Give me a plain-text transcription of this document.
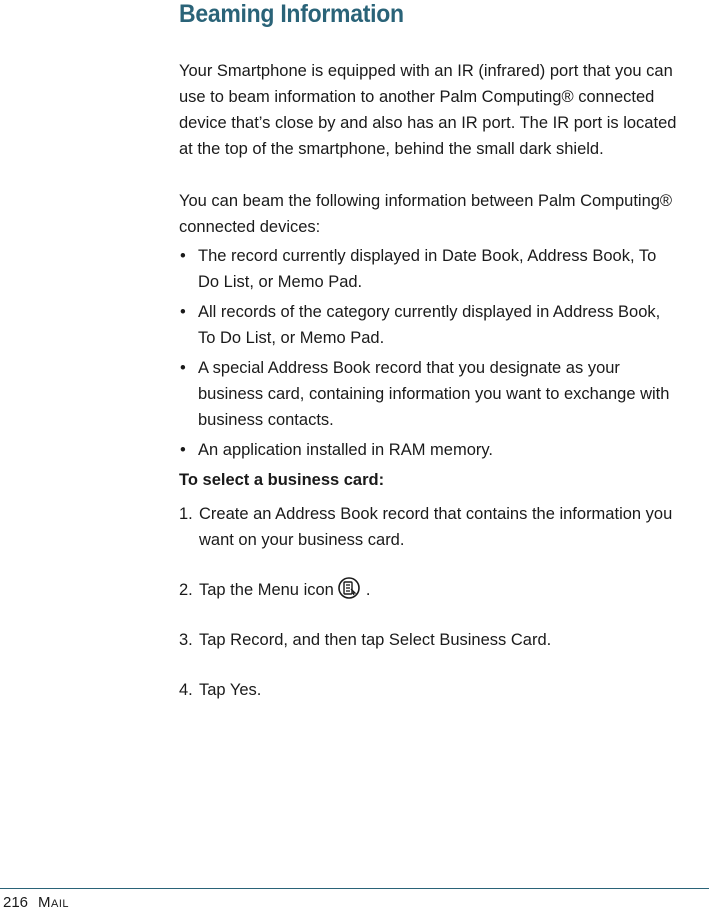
Beaming Information

Your Smartphone is equipped with an IR (infrared) port that you can use to beam information to another Palm Computing® connected device that’s close by and also has an IR port. The IR port is located at the top of the smartphone, behind the small dark shield.

You can beam the following information between Palm Computing® connected devices:

• The record currently displayed in Date Book, Address Book, To Do List, or Memo Pad.
• All records of the category currently displayed in Address Book, To Do List, or Memo Pad.
• A special Address Book record that you designate as your business card, containing information you want to exchange with business contacts.
• An application installed in RAM memory.

To select a business card:

1. Create an Address Book record that contains the information you want on your business card.
2. Tap the Menu icon .
3. Tap Record, and then tap Select Business Card.
4. Tap Yes.
216 Mail
